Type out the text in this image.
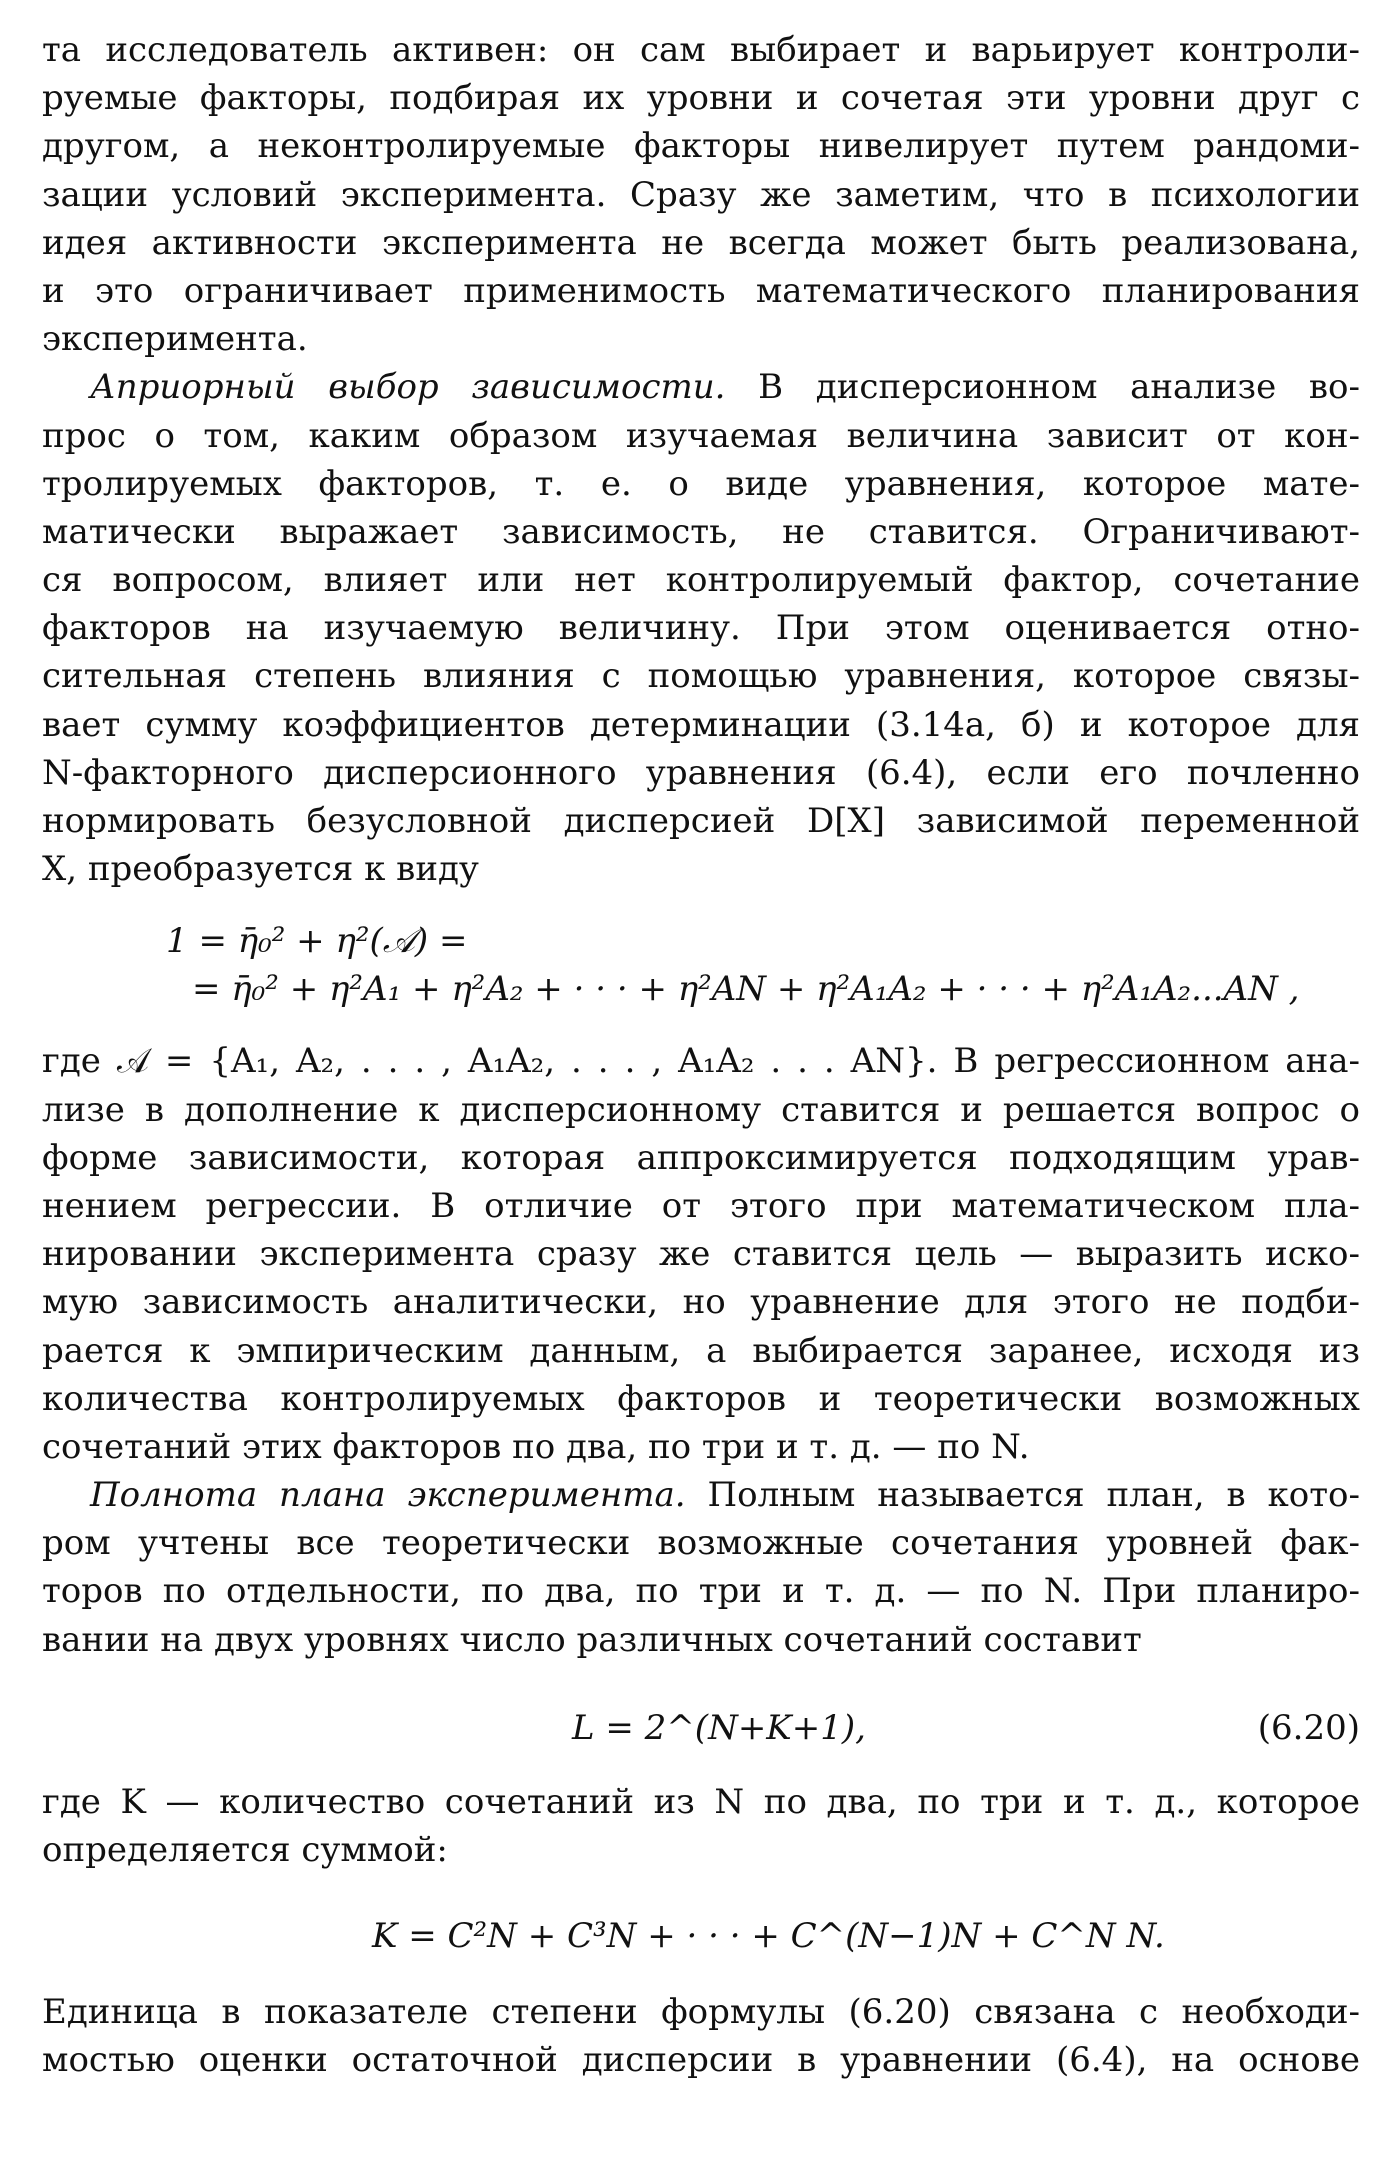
та исследователь активен: он сам выбирает и варьирует контроли-
руемые факторы, подбирая их уровни и сочетая эти уровни друг с
другом, а неконтролируемые факторы нивелирует путем рандоми-
зации условий эксперимента. Сразу же заметим, что в психологии
идея активности эксперимента не всегда может быть реализована,
и это ограничивает применимость математического планирования
эксперимента.
Априорный выбор зависимости. В дисперсионном анализе во-
прос о том, каким образом изучаемая величина зависит от кон-
тролируемых факторов, т. е. о виде уравнения, которое мате-
матически выражает зависимость, не ставится. Ограничивают-
ся вопросом, влияет или нет контролируемый фактор, сочетание
факторов на изучаемую величину. При этом оценивается отно-
сительная степень влияния с помощью уравнения, которое связы-
вает сумму коэффициентов детерминации (3.14а, б) и которое для
N-факторного дисперсионного уравнения (6.4), если его почленно
нормировать безусловной дисперсией D[X] зависимой переменной
X, преобразуется к виду
1 = η̄₀² + η²(𝒜) =
= η̄₀² + η²A₁ + η²A₂ + · · · + η²AN + η²A₁A₂ + · · · + η²A₁A₂...AN ,
где 𝒜 = {A₁, A₂, . . . , A₁A₂, . . . , A₁A₂ . . . AN}. В регрессионном ана-
лизе в дополнение к дисперсионному ставится и решается вопрос о
форме зависимости, которая аппроксимируется подходящим урав-
нением регрессии. В отличие от этого при математическом пла-
нировании эксперимента сразу же ставится цель — выразить иско-
мую зависимость аналитически, но уравнение для этого не подби-
рается к эмпирическим данным, а выбирается заранее, исходя из
количества контролируемых факторов и теоретически возможных
сочетаний этих факторов по два, по три и т. д. — по N.
Полнота плана эксперимента. Полным называется план, в кото-
ром учтены все теоретически возможные сочетания уровней фак-
торов по отдельности, по два, по три и т. д. — по N. При планиро-
вании на двух уровнях число различных сочетаний составит
L = 2^(N+K+1),	(6.20)
где K — количество сочетаний из N по два, по три и т. д., которое
определяется суммой:
K = C²N + C³N + · · · + C^(N−1)N + C^N N.
Единица в показателе степени формулы (6.20) связана с необходи-
мостью оценки остаточной дисперсии в уравнении (6.4), на основе
